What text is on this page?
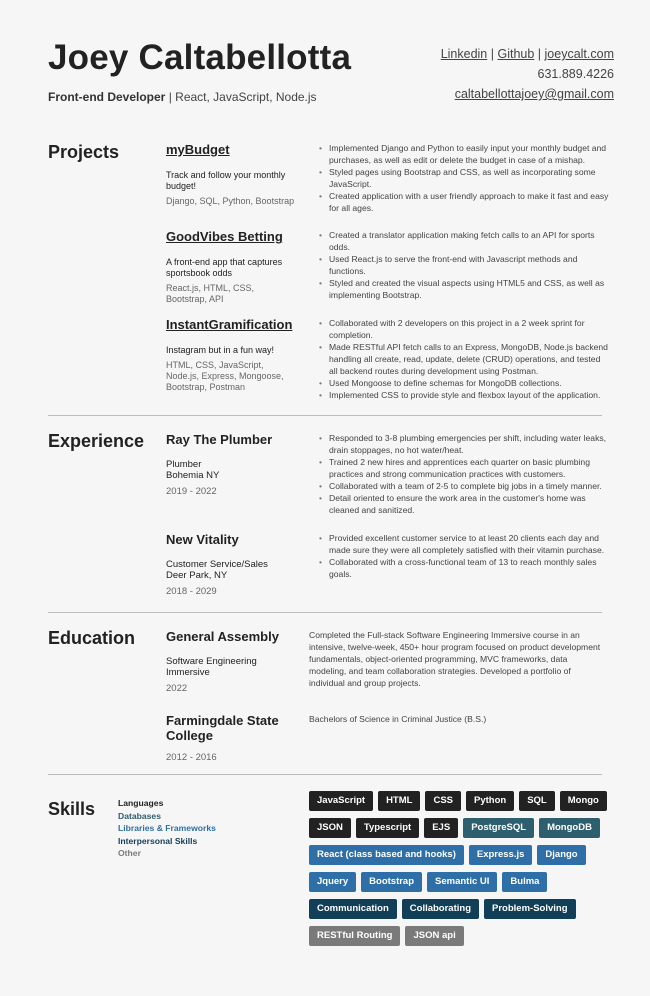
Joey Caltabellotta
Front-end Developer | React, JavaScript, Node.js
Linkedin | Github | joeycalt.com
631.889.4226
caltabellottajoey@gmail.com
Projects	myBudget
Track and follow your monthly budget!
Django, SQL, Python, Bootstrap
• Implemented Django and Python to easily input your monthly budget and purchases, as well as edit or delete the budget in case of a mishap.
• Styled pages using Bootstrap and CSS, as well as incorporating some JavaScript.
• Created application with a user friendly approach to make it fast and easy for all ages.
GoodVibes Betting
A front-end app that captures sportsbook odds
React.js, HTML, CSS, Bootstrap, API
• Created a translator application making fetch calls to an API for sports odds.
• Used React.js to serve the front-end with Javascript methods and functions.
• Styled and created the visual aspects using HTML5 and CSS, as well as implementing Bootstrap.
InstantGramification
Instagram but in a fun way!
HTML, CSS, JavaScript, Node.js, Express, Mongoose, Bootstrap, Postman
• Collaborated with 2 developers on this project in a 2 week sprint for completion.
• Made RESTful API fetch calls to an Express, MongoDB, Node.js backend handling all create, read, update, delete (CRUD) operations, and tested all backend routes during development using Postman.
• Used Mongoose to define schemas for MongoDB collections.
• Implemented CSS to provide style and flexbox layout of the application.
Experience Ray The Plumber
Plumber
Bohemia NY
2019 - 2022
• Responded to 3-8 plumbing emergencies per shift, including water leaks, drain stoppages, no hot water/heat.
• Trained 2 new hires and apprentices each quarter on basic plumbing practices and strong communication practices with customers.
• Collaborated with a team of 2-5 to complete big jobs in a timely manner.
• Detail oriented to ensure the work area in the customer's home was cleaned and sanitized.
New Vitality
Customer Service/Sales
Deer Park, NY
2018 - 2029
• Provided excellent customer service to at least 20 clients each day and made sure they were all completely satisfied with their vitamin purchase.
• Collaborated with a cross-functional team of 13 to reach monthly sales goals.
Education General Assembly
Software Engineering Immersive
2022
Completed the Full-stack Software Engineering Immersive course in an intensive, twelve-week, 450+ hour program focused on product development fundamentals, object-oriented programming, MVC frameworks, data modeling, and team collaboration strategies. Developed a portfolio of individual and group projects.
Farmingdale State College
2012 - 2016
Bachelors of Science in Criminal Justice (B.S.)
Skills	Languages
Databases
Libraries & Frameworks
Interpersonal Skills
Other
JavaScript	HTML	CSS	Python	SQL	Mongo
JSON	Typescript	EJS	PostgreSQL	MongoDB
React (class based and hooks)	Express.js	Django
Jquery	Bootstrap	Semantic UI	Bulma
Communication	Collaborating	Problem-Solving
RESTful Routing	JSON api
